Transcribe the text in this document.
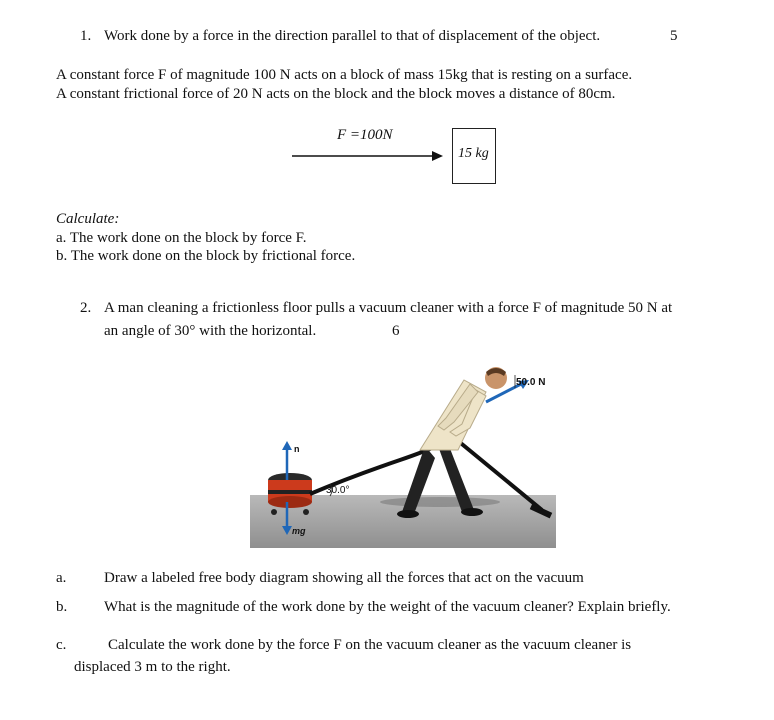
1. Work done by a force in the direction parallel to that of displacement of the object.	5
A constant force F of magnitude 100 N acts on a block of mass 15kg that is resting on a surface.
A constant frictional force of 20 N acts on the block and the block moves a distance of 80cm.
F =100N
15 kg
Calculate:
a. The work done on the block by force F.
b. The work done on the block by frictional force.
2. A man cleaning a frictionless floor pulls a vacuum cleaner with a force F of magnitude 50 N at
an angle of 30° with the horizontal.	6
50.0 N
n
mg
30.0°
a.	Draw a labeled free body diagram showing all the forces that act on the vacuum
b. What is the magnitude of the work done by the weight of the vacuum cleaner? Explain briefly.
c.	Calculate the work done by the force F on the vacuum cleaner as the vacuum cleaner is
displaced 3 m to the right.
